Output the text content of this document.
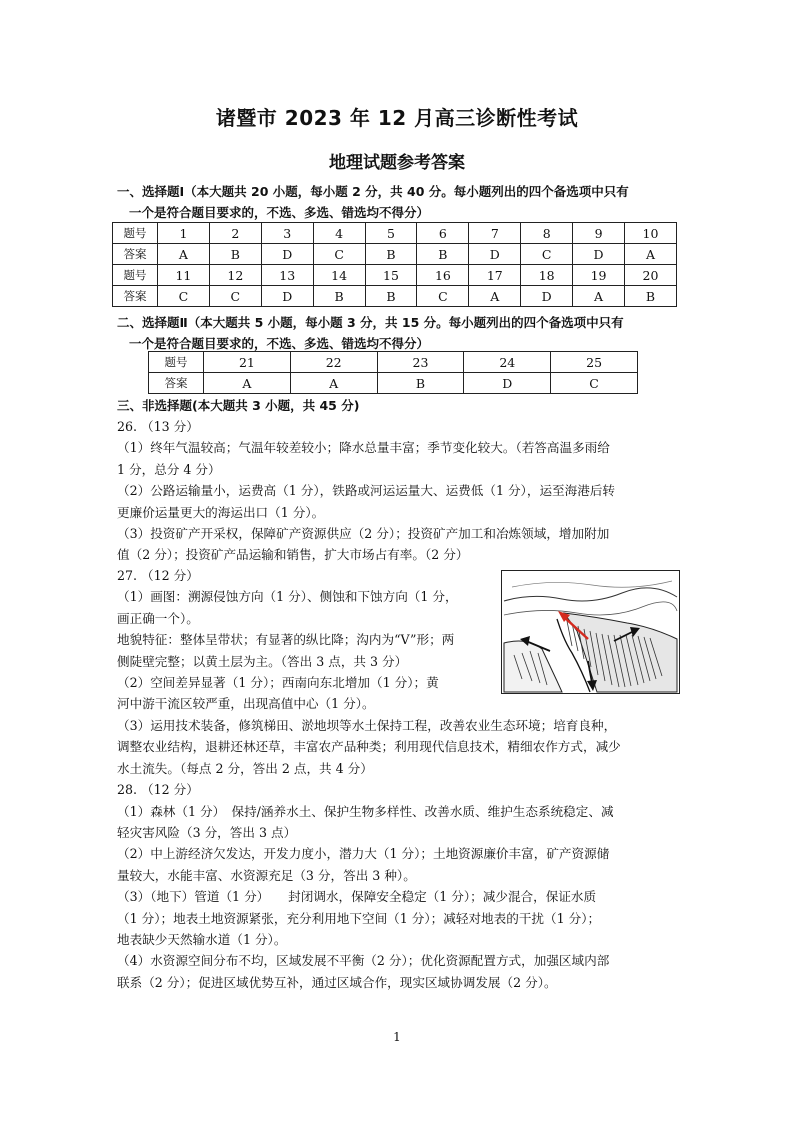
诸暨市 2023 年 12 月高三诊断性考试
地理试题参考答案
一、选择题Ⅰ（本大题共 20 小题，每小题 2 分，共 40 分。每小题列出的四个备选项中只有
一个是符合题目要求的，不选、多选、错选均不得分）
题号	1	2	3	4	5	6	7	8	9	10
答案	A	B	D	C	B	B	D	C	D	A
题号	11	12	13	14	15	16	17	18	19	20
答案	C	C	D	B	B	C	A	D	A	B
二、选择题Ⅱ（本大题共 5 小题，每小题 3 分，共 15 分。每小题列出的四个备选项中只有
一个是符合题目要求的，不选、多选、错选均不得分）
题号	21	22	23	24	25
答案	A	A	B	D	C
三、非选择题(本大题共 3 小题，共 45 分)

26. （13 分）

（1）终年气温较高；气温年较差较小；降水总量丰富；季节变化较大。（若答高温多雨给

1 分，总分 4 分）

（2）公路运输量小，运费高（1 分），铁路或河运运量大、运费低（1 分），运至海港后转

更廉价运量更大的海运出口（1 分）。

（3）投资矿产开采权，保障矿产资源供应（2 分）；投资矿产加工和冶炼领域，增加附加

值（2 分）；投资矿产品运输和销售，扩大市场占有率。（2 分）

27. （12 分）

（1）画图：溯源侵蚀方向（1 分）、侧蚀和下蚀方向（1 分，

画正确一个）。

地貌特征：整体呈带状；有显著的纵比降；沟内为“V”形；两

侧陡壁完整；以黄土层为主。（答出 3 点，共 3 分）

（2）空间差异显著（1 分）；西南向东北增加（1 分）；黄

河中游干流区较严重，出现高值中心（1 分）。

（3）运用技术装备，修筑梯田、淤地坝等水土保持工程，改善农业生态环境；培育良种，

调整农业结构，退耕还林还草，丰富农产品种类；利用现代信息技术，精细农作方式，减少

水土流失。（每点 2 分，答出 2 点，共 4 分）

28. （12 分）

（1）森林（1 分）　保持/涵养水土、保护生物多样性、改善水质、维护生态系统稳定、减

轻灾害风险（3 分，答出 3 点）

（2）中上游经济欠发达，开发力度小，潜力大（1 分）；土地资源廉价丰富，矿产资源储

量较大，水能丰富、水资源充足（3 分，答出 3 种）。

（3）（地下）管道（1 分）　　封闭调水，保障安全稳定（1 分）；减少混合，保证水质

（1 分）；地表土地资源紧张，充分利用地下空间（1 分）；减轻对地表的干扰（1 分）；

地表缺少天然输水道（1 分）。

（4）水资源空间分布不均，区域发展不平衡（2 分）；优化资源配置方式，加强区域内部

联系（2 分）；促进区域优势互补，通过区域合作，现实区域协调发展（2 分）。

1
